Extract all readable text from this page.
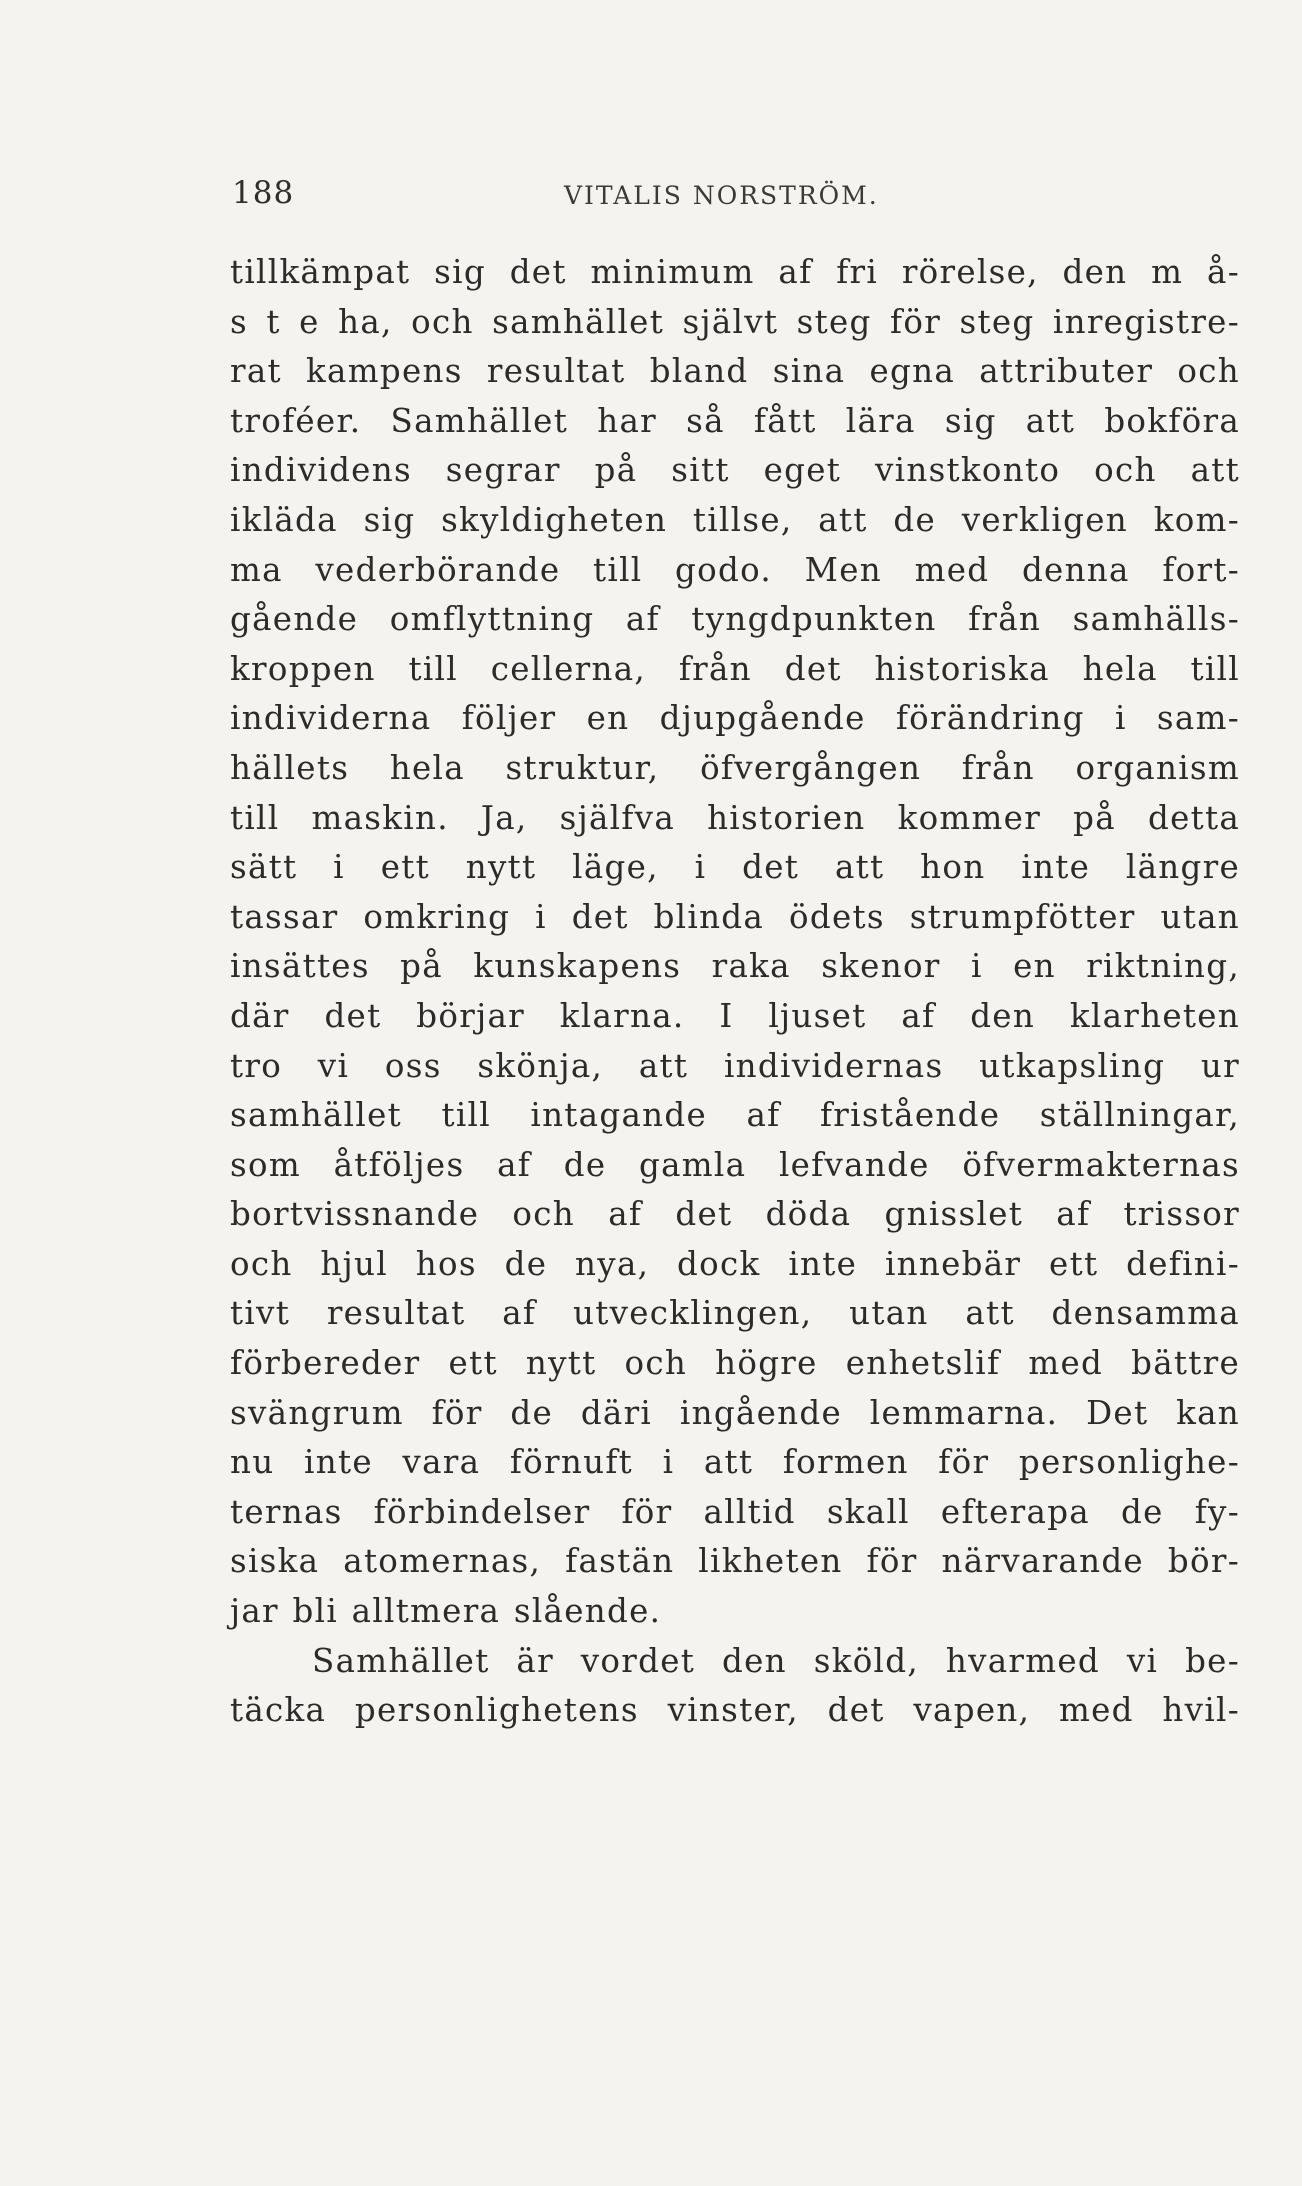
188	VITALIS NORSTRÖM.
tillkämpat sig det minimum af fri rörelse, den m å-
s t e ha, och samhället självt steg för steg inregistre-
rat kampens resultat bland sina egna attributer och
troféer. Samhället har så fått lära sig att bokföra
individens segrar på sitt eget vinstkonto och att
ikläda sig skyldigheten tillse, att de verkligen kom-
ma vederbörande till godo. Men med denna fort-
gående omflyttning af tyngdpunkten från samhälls-
kroppen till cellerna, från det historiska hela till
individerna följer en djupgående förändring i sam-
hällets hela struktur, öfvergången från organism
till maskin. Ja, själfva historien kommer på detta
sätt i ett nytt läge, i det att hon inte längre
tassar omkring i det blinda ödets strumpfötter utan
insättes på kunskapens raka skenor i en riktning,
där det börjar klarna. I ljuset af den klarheten
tro vi oss skönja, att individernas utkapsling ur
samhället till intagande af fristående ställningar,
som åtföljes af de gamla lefvande öfvermakternas
bortvissnande och af det döda gnisslet af trissor
och hjul hos de nya, dock inte innebär ett defini-
tivt resultat af utvecklingen, utan att densamma
förbereder ett nytt och högre enhetslif med bättre
svängrum för de däri ingående lemmarna. Det kan
nu inte vara förnuft i att formen för personlighe-
ternas förbindelser för alltid skall efterapa de fy-
siska atomernas, fastän likheten för närvarande bör-
jar bli alltmera slående.
Samhället är vordet den sköld, hvarmed vi be-
täcka personlighetens vinster, det vapen, med hvil-
